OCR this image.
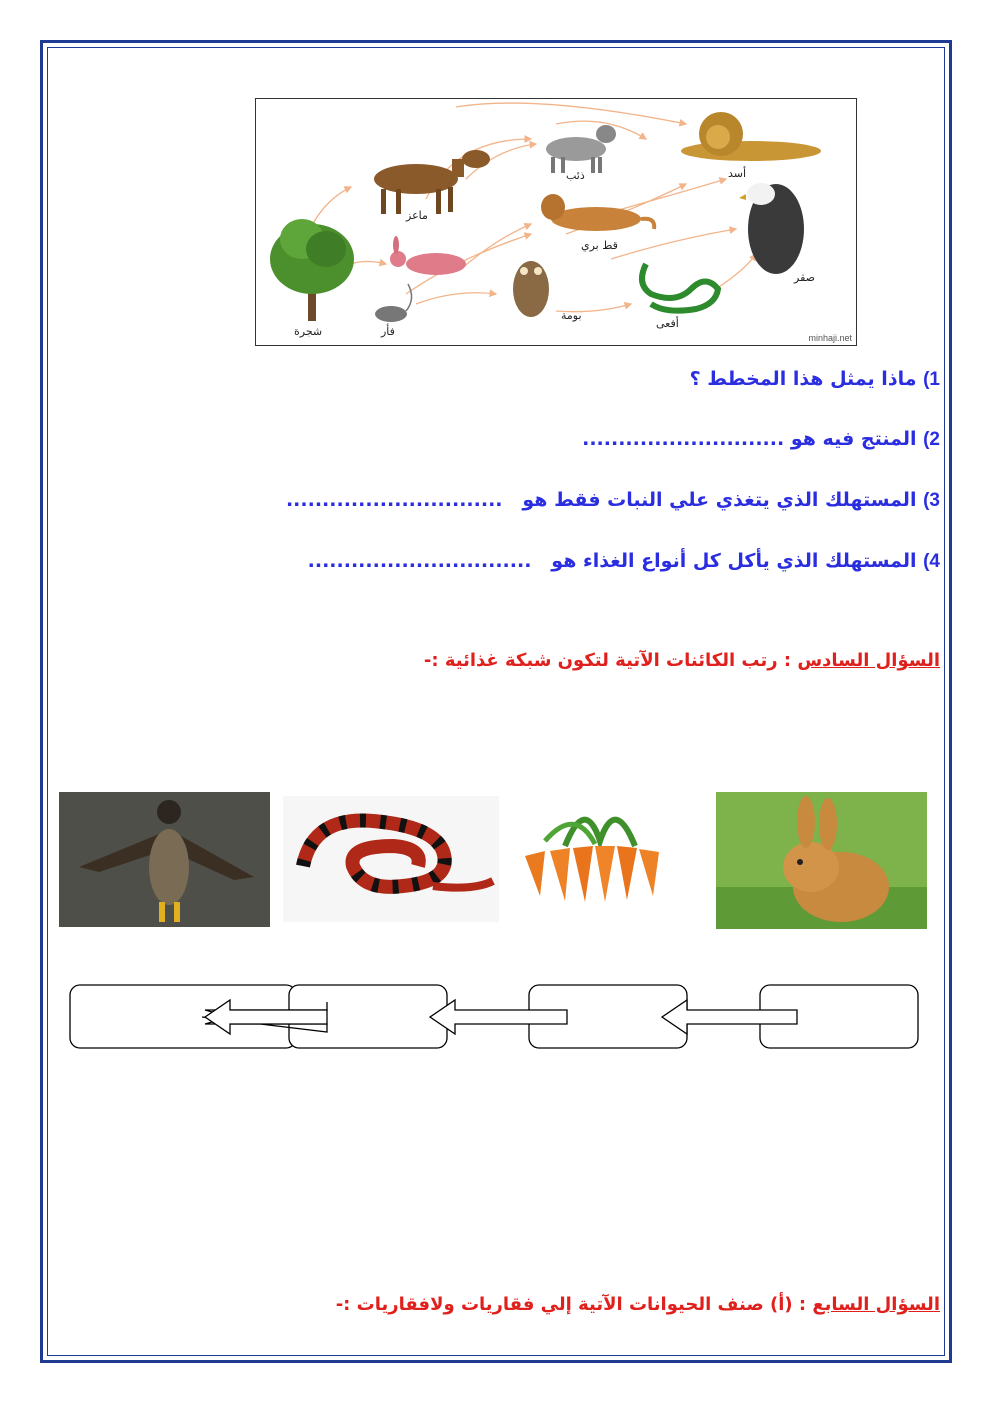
أسد
ذئب
ماعز
قط بري
صقر
شجرة	فأر
بومة
أفعى
minhaji.net
1) ماذا يمثل هذا المخطط ؟
2) المنتج فيه هو ............................
3) المستهلك الذي يتغذي علي النبات فقط هو   ..............................
4) المستهلك الذي يأكل كل أنواع الغذاء هو   ...............................
السؤال السادس : رتب الكائنات الآتية لتكون شبكة غذائية :-
السؤال السابع : (أ) صنف الحيوانات الآتية إلي فقاريات ولافقاريات :-
